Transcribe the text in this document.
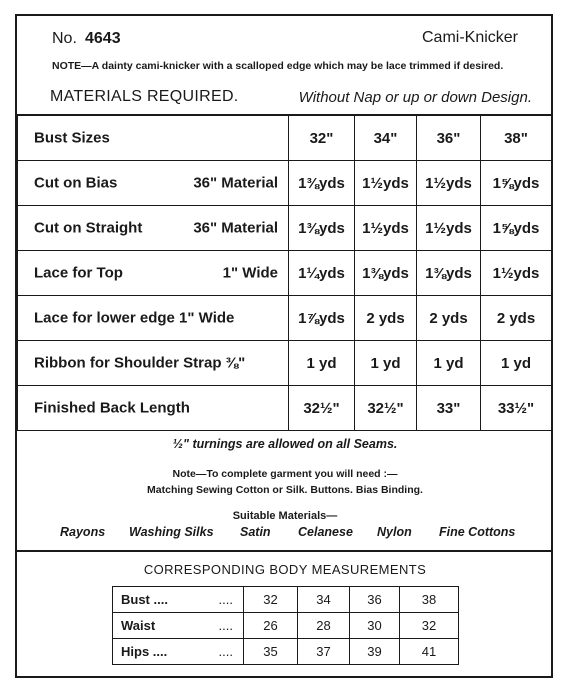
No. 4643	Cami-Knicker
NOTE—A dainty cami-knicker with a scalloped edge which may be lace trimmed if desired.
MATERIALS REQUIRED.	Without Nap or up or down Design.
Bust Sizes	32"	34"	36"	38"

Cut on Bias 36" Material	1⅜yds	1½yds	1½yds	1⅝yds

Cut on Straight 36" Material	1⅜yds	1½yds	1½yds	1⅝yds

Lace for Top 1" Wide	1¼yds	1⅜yds	1⅜yds	1½yds

Lace for lower edge 1" Wide	1⅞yds	2 yds	2 yds	2 yds

Ribbon for Shoulder Strap ⅜"	1 yd	1 yd	1 yd	1 yd

Finished Back Length	32½"	32½"	33"	33½"
½" turnings are allowed on all Seams.
Note—To complete garment you will need :—
Matching Sewing Cotton or Silk. Buttons. Bias Binding.
Suitable Materials—
Rayons Washing Silks Satin Celanese Nylon Fine Cottons
CORRESPONDING BODY MEASUREMENTS
Bust .... ....	32	34	36	38
Waist ....	26	28	30	32
Hips .... ....	35	37	39	41
